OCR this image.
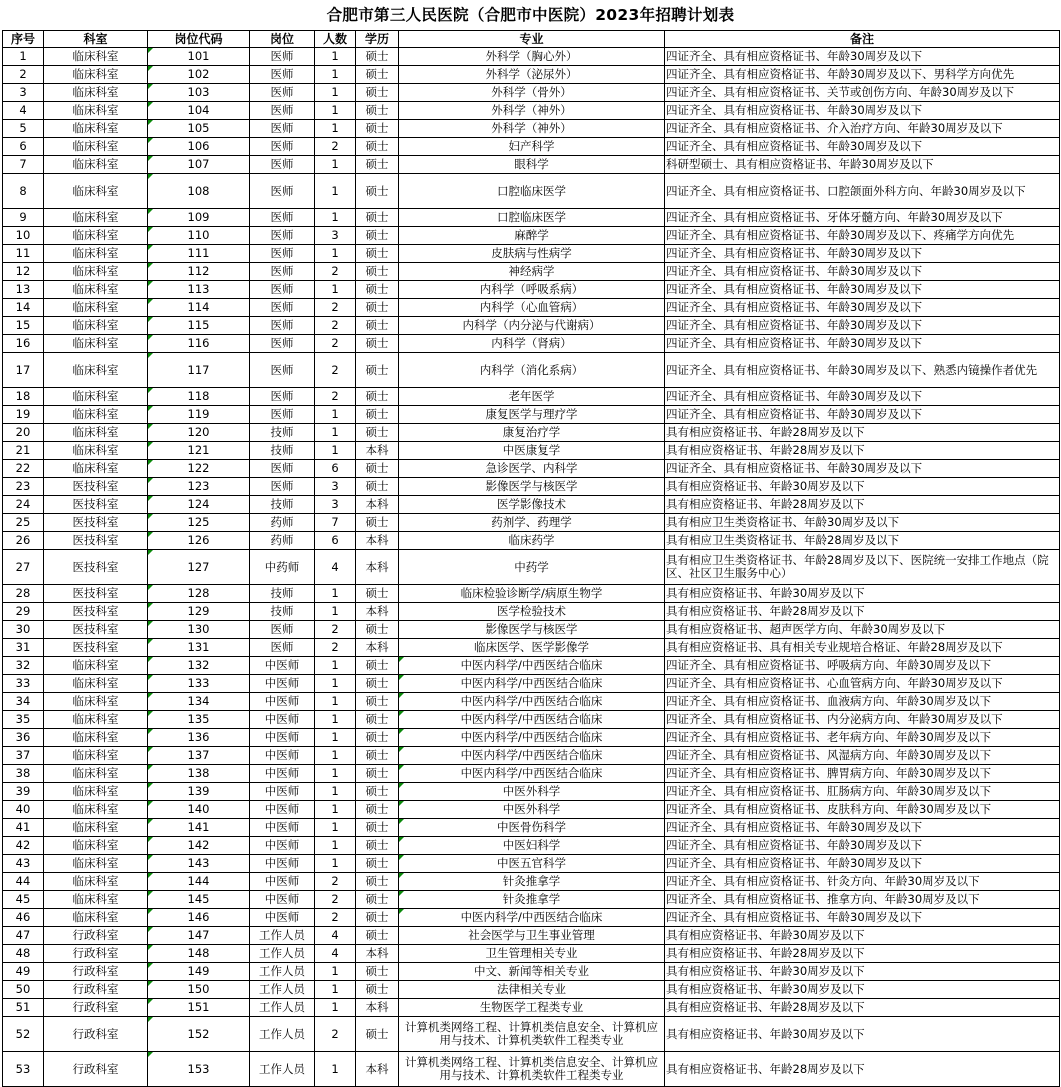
合肥市第三人民医院（合肥市中医院）2023年招聘计划表
序号	科室	岗位代码	岗位	人数	学历	专业	备注
1	临床科室	101	医师	1	硕士	外科学（胸心外）	四证齐全、具有相应资格证书、年龄30周岁及以下
2	临床科室	102	医师	1	硕士	外科学（泌尿外）	四证齐全、具有相应资格证书、年龄30周岁及以下、男科学方向优先
3	临床科室	103	医师	1	硕士	外科学（骨外）	四证齐全、具有相应资格证书、关节或创伤方向、年龄30周岁及以下
4	临床科室	104	医师	1	硕士	外科学（神外）	四证齐全、具有相应资格证书、年龄30周岁及以下
5	临床科室	105	医师	1	硕士	外科学（神外）	四证齐全、具有相应资格证书、介入治疗方向、年龄30周岁及以下
6	临床科室	106	医师	2	硕士	妇产科学	四证齐全、具有相应资格证书、年龄30周岁及以下
7	临床科室	107	医师	1	硕士	眼科学	科研型硕士、具有相应资格证书、年龄30周岁及以下
8	临床科室	108	医师	1	硕士	口腔临床医学	四证齐全、具有相应资格证书、口腔颌面外科方向、年龄30周岁及以下
9	临床科室	109	医师	1	硕士	口腔临床医学	四证齐全、具有相应资格证书、牙体牙髓方向、年龄30周岁及以下
10	临床科室	110	医师	3	硕士	麻醉学	四证齐全、具有相应资格证书、年龄30周岁及以下、疼痛学方向优先
11	临床科室	111	医师	1	硕士	皮肤病与性病学	四证齐全、具有相应资格证书、年龄30周岁及以下
12	临床科室	112	医师	2	硕士	神经病学	四证齐全、具有相应资格证书、年龄30周岁及以下
13	临床科室	113	医师	1	硕士	内科学（呼吸系病）	四证齐全、具有相应资格证书、年龄30周岁及以下
14	临床科室	114	医师	2	硕士	内科学（心血管病）	四证齐全、具有相应资格证书、年龄30周岁及以下
15	临床科室	115	医师	2	硕士	内科学（内分泌与代谢病）	四证齐全、具有相应资格证书、年龄30周岁及以下
16	临床科室	116	医师	2	硕士	内科学（肾病）	四证齐全、具有相应资格证书、年龄30周岁及以下
17	临床科室	117	医师	2	硕士	内科学（消化系病）	四证齐全、具有相应资格证书、年龄30周岁及以下、熟悉内镜操作者优先
18	临床科室	118	医师	2	硕士	老年医学	四证齐全、具有相应资格证书、年龄30周岁及以下
19	临床科室	119	医师	1	硕士	康复医学与理疗学	四证齐全、具有相应资格证书、年龄30周岁及以下
20	临床科室	120	技师	1	硕士	康复治疗学	具有相应资格证书、年龄28周岁及以下
21	临床科室	121	技师	1	本科	中医康复学	具有相应资格证书、年龄28周岁及以下
22	临床科室	122	医师	6	硕士	急诊医学、内科学	四证齐全、具有相应资格证书、年龄30周岁及以下
23	医技科室	123	医师	3	硕士	影像医学与核医学	具有相应资格证书、年龄30周岁及以下
24	医技科室	124	技师	3	本科	医学影像技术	具有相应资格证书、年龄28周岁及以下
25	医技科室	125	药师	7	硕士	药剂学、药理学	具有相应卫生类资格证书、年龄30周岁及以下
26	医技科室	126	药师	6	本科	临床药学	具有相应卫生类资格证书、年龄28周岁及以下
27	医技科室	127	中药师	4	本科	中药学	具有相应卫生类资格证书、年龄28周岁及以下、医院统一安排工作地点（院区、社区卫生服务中心）
28	医技科室	128	技师	1	硕士	临床检验诊断学/病原生物学	具有相应资格证书、年龄30周岁及以下
29	医技科室	129	技师	1	本科	医学检验技术	具有相应资格证书、年龄28周岁及以下
30	医技科室	130	医师	2	硕士	影像医学与核医学	具有相应资格证书、超声医学方向、年龄30周岁及以下
31	医技科室	131	医师	2	本科	临床医学、医学影像学	具有相应资格证书、具有相关专业规培合格证、年龄28周岁及以下
32	临床科室	132	中医师	1	硕士	中医内科学/中西医结合临床	四证齐全、具有相应资格证书、呼吸病方向、年龄30周岁及以下
33	临床科室	133	中医师	1	硕士	中医内科学/中西医结合临床	四证齐全、具有相应资格证书、心血管病方向、年龄30周岁及以下
34	临床科室	134	中医师	1	硕士	中医内科学/中西医结合临床	四证齐全、具有相应资格证书、血液病方向、年龄30周岁及以下
35	临床科室	135	中医师	1	硕士	中医内科学/中西医结合临床	四证齐全、具有相应资格证书、内分泌病方向、年龄30周岁及以下
36	临床科室	136	中医师	1	硕士	中医内科学/中西医结合临床	四证齐全、具有相应资格证书、老年病方向、年龄30周岁及以下
37	临床科室	137	中医师	1	硕士	中医内科学/中西医结合临床	四证齐全、具有相应资格证书、风湿病方向、年龄30周岁及以下
38	临床科室	138	中医师	1	硕士	中医内科学/中西医结合临床	四证齐全、具有相应资格证书、脾胃病方向、年龄30周岁及以下
39	临床科室	139	中医师	1	硕士	中医外科学	四证齐全、具有相应资格证书、肛肠病方向、年龄30周岁及以下
40	临床科室	140	中医师	1	硕士	中医外科学	四证齐全、具有相应资格证书、皮肤科方向、年龄30周岁及以下
41	临床科室	141	中医师	1	硕士	中医骨伤科学	四证齐全、具有相应资格证书、年龄30周岁及以下
42	临床科室	142	中医师	1	硕士	中医妇科学	四证齐全、具有相应资格证书、年龄30周岁及以下
43	临床科室	143	中医师	1	硕士	中医五官科学	四证齐全、具有相应资格证书、年龄30周岁及以下
44	临床科室	144	中医师	2	硕士	针灸推拿学	四证齐全、具有相应资格证书、针灸方向、年龄30周岁及以下
45	临床科室	145	中医师	2	硕士	针灸推拿学	四证齐全、具有相应资格证书、推拿方向、年龄30周岁及以下
46	临床科室	146	中医师	2	硕士	中医内科学/中西医结合临床	四证齐全、具有相应资格证书、年龄30周岁及以下
47	行政科室	147	工作人员	4	硕士	社会医学与卫生事业管理	具有相应资格证书、年龄30周岁及以下
48	行政科室	148	工作人员	4	本科	卫生管理相关专业	具有相应资格证书、年龄28周岁及以下
49	行政科室	149	工作人员	1	硕士	中文、新闻等相关专业	具有相应资格证书、年龄30周岁及以下
50	行政科室	150	工作人员	1	硕士	法律相关专业	具有相应资格证书、年龄30周岁及以下
51	行政科室	151	工作人员	1	本科	生物医学工程类专业	具有相应资格证书、年龄28周岁及以下
52	行政科室	152	工作人员	2	硕士	计算机类网络工程、计算机类信息安全、计算机应用与技术、计算机类软件工程类专业	具有相应资格证书、年龄30周岁及以下
53	行政科室	153	工作人员	1	本科	计算机类网络工程、计算机类信息安全、计算机应用与技术、计算机类软件工程类专业	具有相应资格证书、年龄28周岁及以下
